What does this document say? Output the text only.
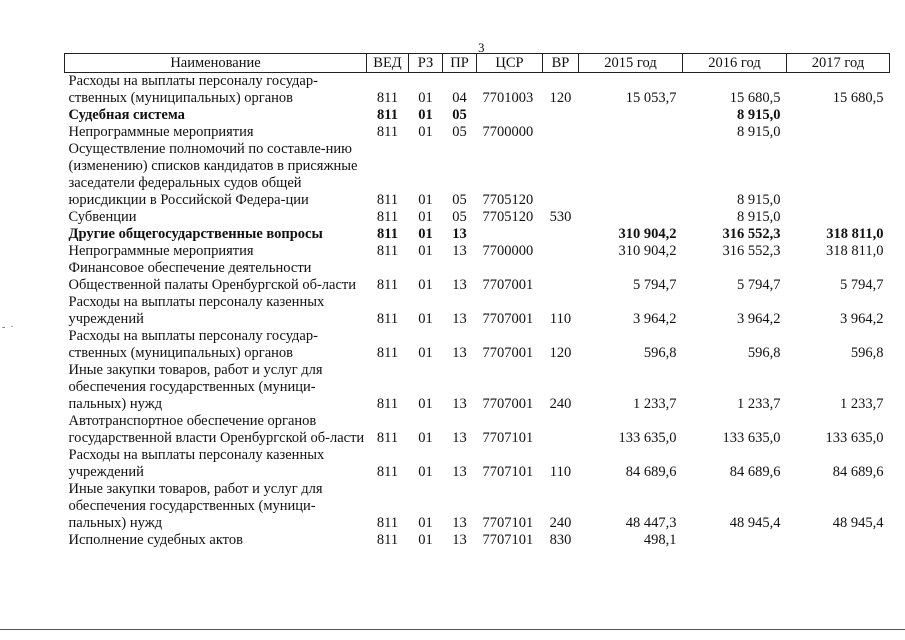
3
Наименование	ВЕД	РЗ	ПР	ЦСР	ВР	2015 год	2016 год	2017 год
Расходы на выплаты персоналу государ-ственных (муниципальных) органов	811	01	04	7701003	120	15 053,7	15 680,5	15 680,5
Судебная система	811	01	05				8 915,0	
Непрограммные мероприятия	811	01	05	7700000			8 915,0	
Осуществление полномочий по составле-нию (изменению) списков кандидатов в присяжные заседатели федеральных судов общей юрисдикции в Российской Федера-ции	811	01	05	7705120			8 915,0	
Субвенции	811	01	05	7705120	530		8 915,0	
Другие общегосударственные вопросы	811	01	13			310 904,2	316 552,3	318 811,0
Непрограммные мероприятия	811	01	13	7700000		310 904,2	316 552,3	318 811,0
Финансовое обеспечение деятельности Общественной палаты Оренбургской об-ласти	811	01	13	7707001		5 794,7	5 794,7	5 794,7
Расходы на выплаты персоналу казенных учреждений	811	01	13	7707001	110	3 964,2	3 964,2	3 964,2
Расходы на выплаты персоналу государ-ственных (муниципальных) органов	811	01	13	7707001	120	596,8	596,8	596,8
Иные закупки товаров, работ и услуг для обеспечения государственных (муници-пальных) нужд	811	01	13	7707001	240	1 233,7	1 233,7	1 233,7
Автотранспортное обеспечение органов государственной власти Оренбургской об-ласти	811	01	13	7707101		133 635,0	133 635,0	133 635,0
Расходы на выплаты персоналу казенных учреждений	811	01	13	7707101	110	84 689,6	84 689,6	84 689,6
Иные закупки товаров, работ и услуг для обеспечения государственных (муници-пальных) нужд	811	01	13	7707101	240	48 447,3	48 945,4	48 945,4
Исполнение судебных актов	811	01	13	7707101	830	498,1		
-  ·
